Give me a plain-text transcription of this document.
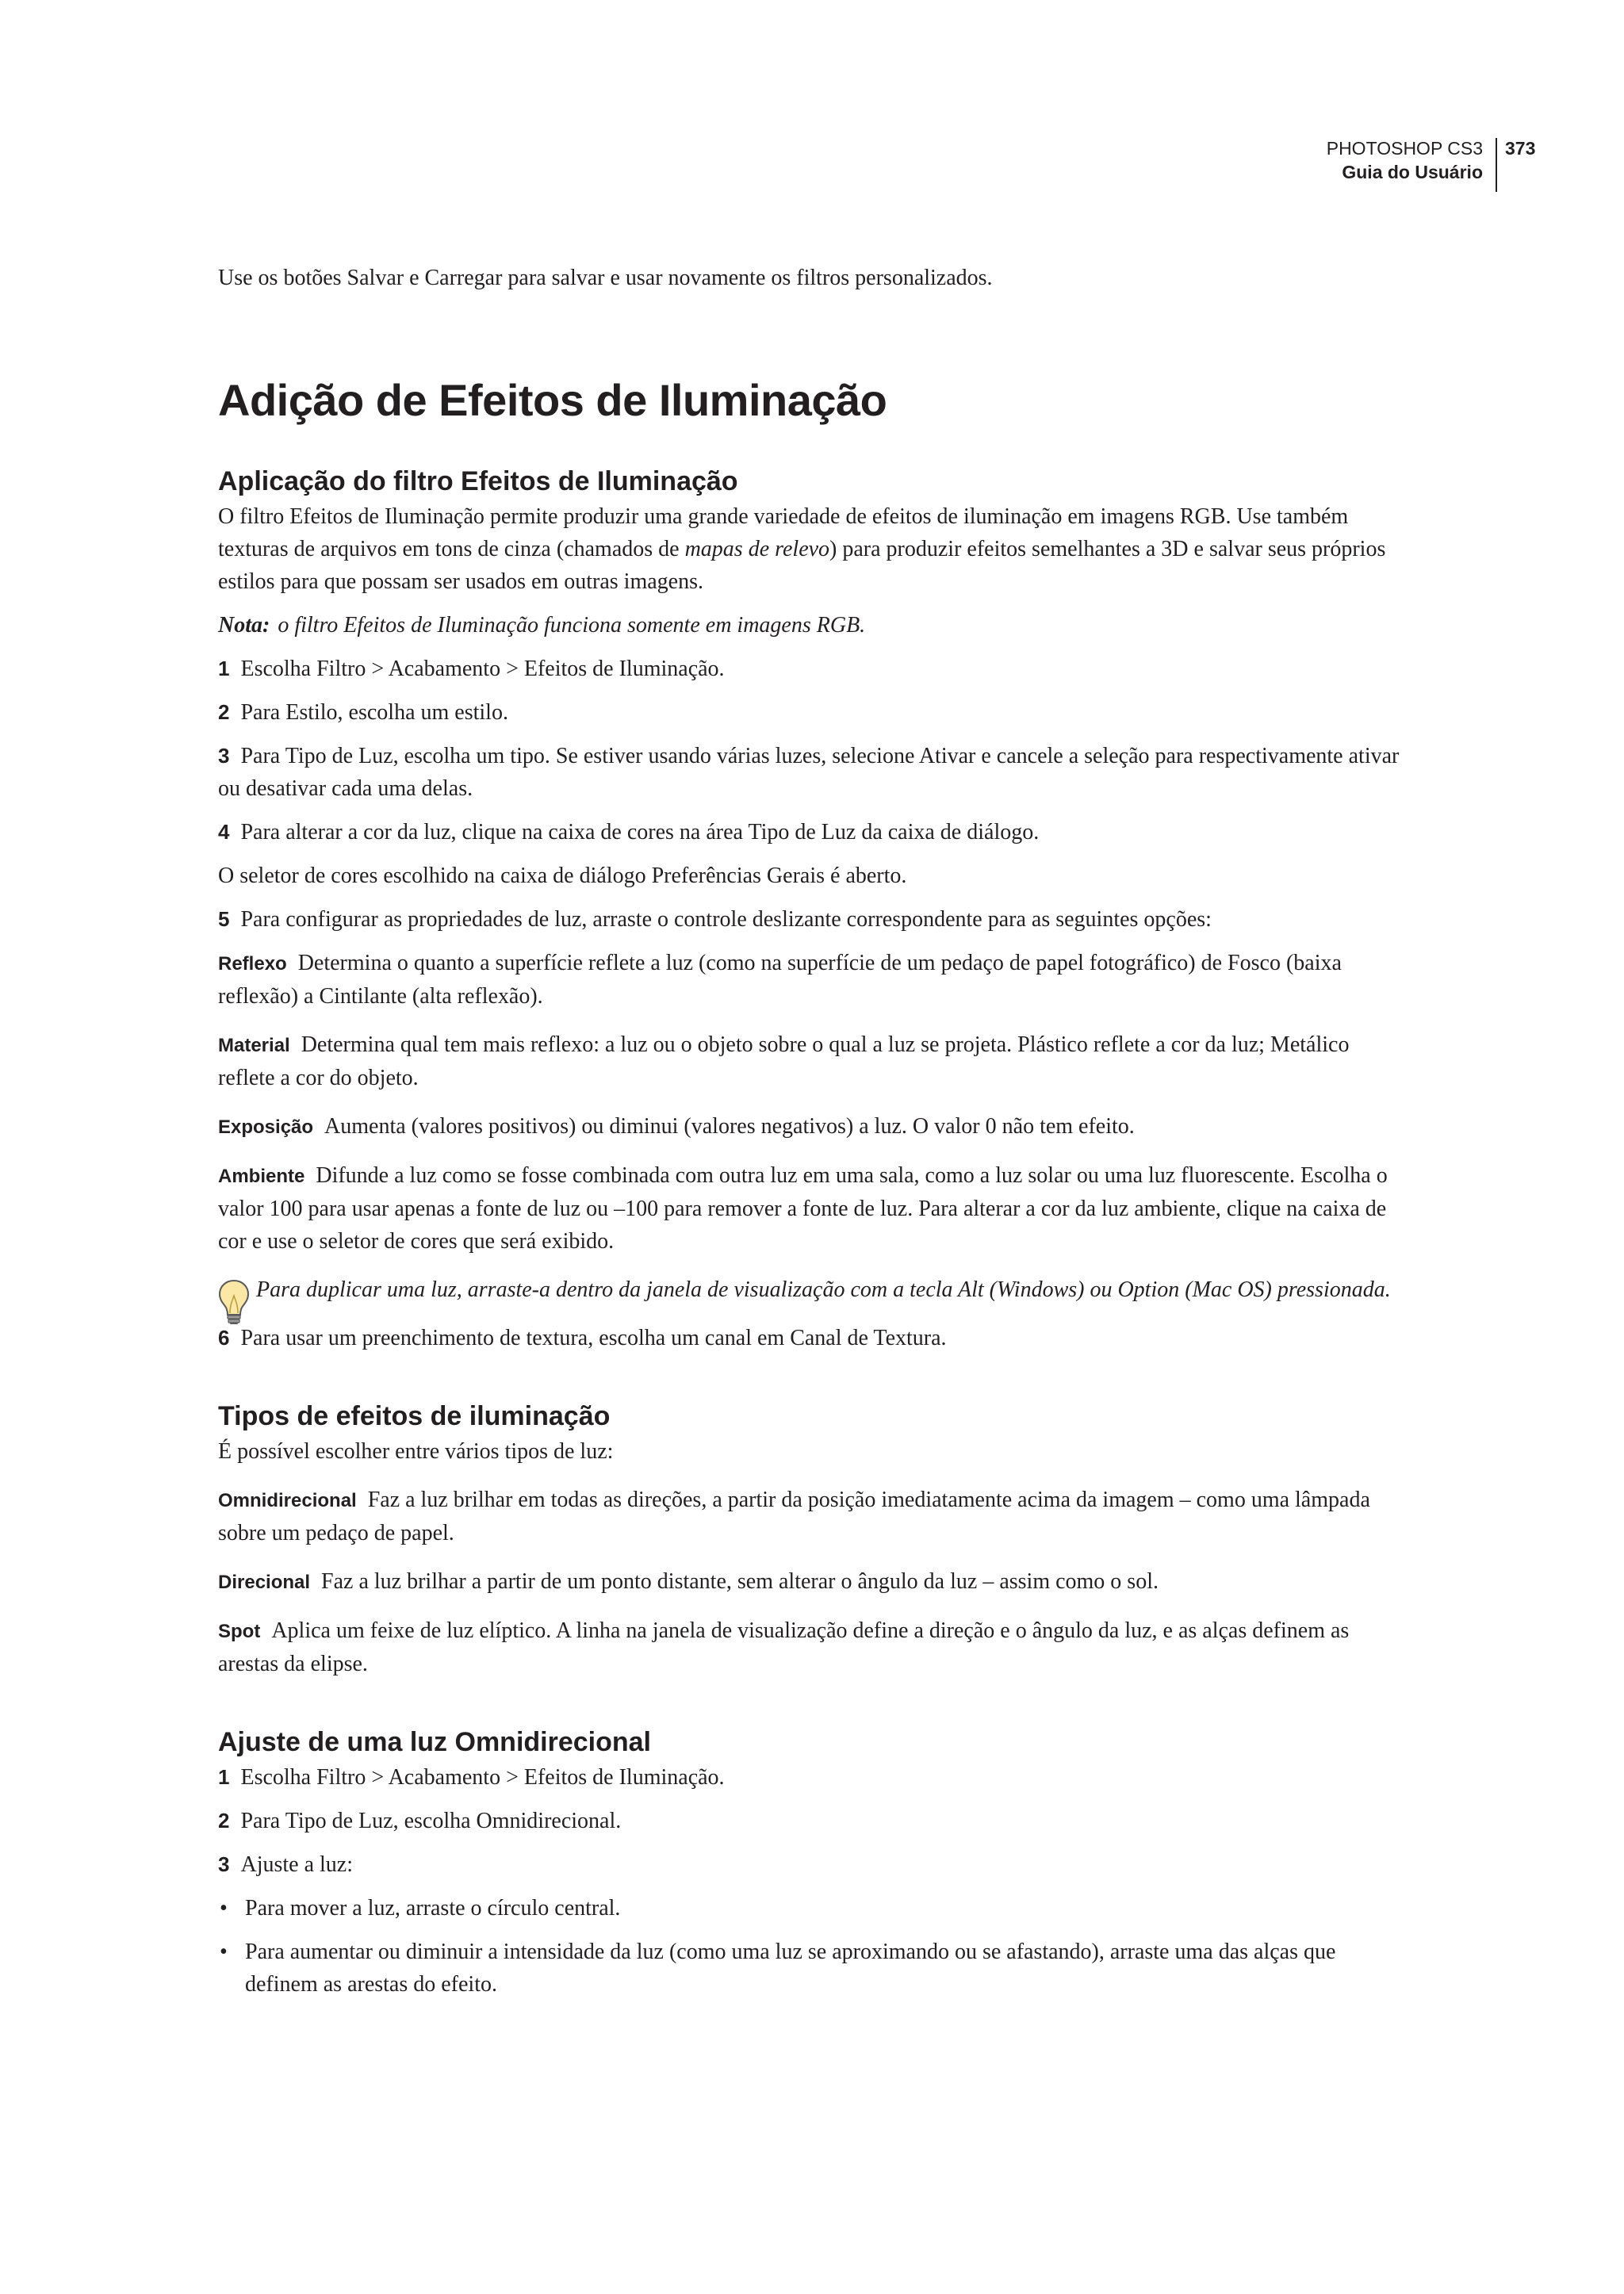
PHOTOSHOP CS3
Guia do Usuário
373

Use os botões Salvar e Carregar para salvar e usar novamente os filtros personalizados.

Adição de Efeitos de Iluminação
Aplicação do filtro Efeitos de Iluminação

O filtro Efeitos de Iluminação permite produzir uma grande variedade de efeitos de iluminação em imagens RGB. Use também texturas de arquivos em tons de cinza (chamados de mapas de relevo) para produzir efeitos semelhantes a 3D e salvar seus próprios estilos para que possam ser usados em outras imagens.

Nota: o filtro Efeitos de Iluminação funciona somente em imagens RGB.

1 Escolha Filtro > Acabamento > Efeitos de Iluminação.

2 Para Estilo, escolha um estilo.

3 Para Tipo de Luz, escolha um tipo. Se estiver usando várias luzes, selecione Ativar e cancele a seleção para respectivamente ativar ou desativar cada uma delas.

4 Para alterar a cor da luz, clique na caixa de cores na área Tipo de Luz da caixa de diálogo.

O seletor de cores escolhido na caixa de diálogo Preferências Gerais é aberto.

5 Para configurar as propriedades de luz, arraste o controle deslizante correspondente para as seguintes opções:

Reflexo Determina o quanto a superfície reflete a luz (como na superfície de um pedaço de papel fotográfico) de Fosco (baixa reflexão) a Cintilante (alta reflexão).

Material Determina qual tem mais reflexo: a luz ou o objeto sobre o qual a luz se projeta. Plástico reflete a cor da luz; Metálico reflete a cor do objeto.

Exposição Aumenta (valores positivos) ou diminui (valores negativos) a luz. O valor 0 não tem efeito.

Ambiente Difunde a luz como se fosse combinada com outra luz em uma sala, como a luz solar ou uma luz fluorescente. Escolha o valor 100 para usar apenas a fonte de luz ou –100 para remover a fonte de luz. Para alterar a cor da luz ambiente, clique na caixa de cor e use o seletor de cores que será exibido.

Para duplicar uma luz, arraste-a dentro da janela de visualização com a tecla Alt (Windows) ou Option (Mac OS) pressionada.

6 Para usar um preenchimento de textura, escolha um canal em Canal de Textura.

Tipos de efeitos de iluminação

É possível escolher entre vários tipos de luz:

Omnidirecional Faz a luz brilhar em todas as direções, a partir da posição imediatamente acima da imagem – como uma lâmpada sobre um pedaço de papel.

Direcional Faz a luz brilhar a partir de um ponto distante, sem alterar o ângulo da luz – assim como o sol.

Spot Aplica um feixe de luz elíptico. A linha na janela de visualização define a direção e o ângulo da luz, e as alças definem as arestas da elipse.

Ajuste de uma luz Omnidirecional

1 Escolha Filtro > Acabamento > Efeitos de Iluminação.

2 Para Tipo de Luz, escolha Omnidirecional.

3 Ajuste a luz:

• Para mover a luz, arraste o círculo central.

• Para aumentar ou diminuir a intensidade da luz (como uma luz se aproximando ou se afastando), arraste uma das alças que definem as arestas do efeito.
